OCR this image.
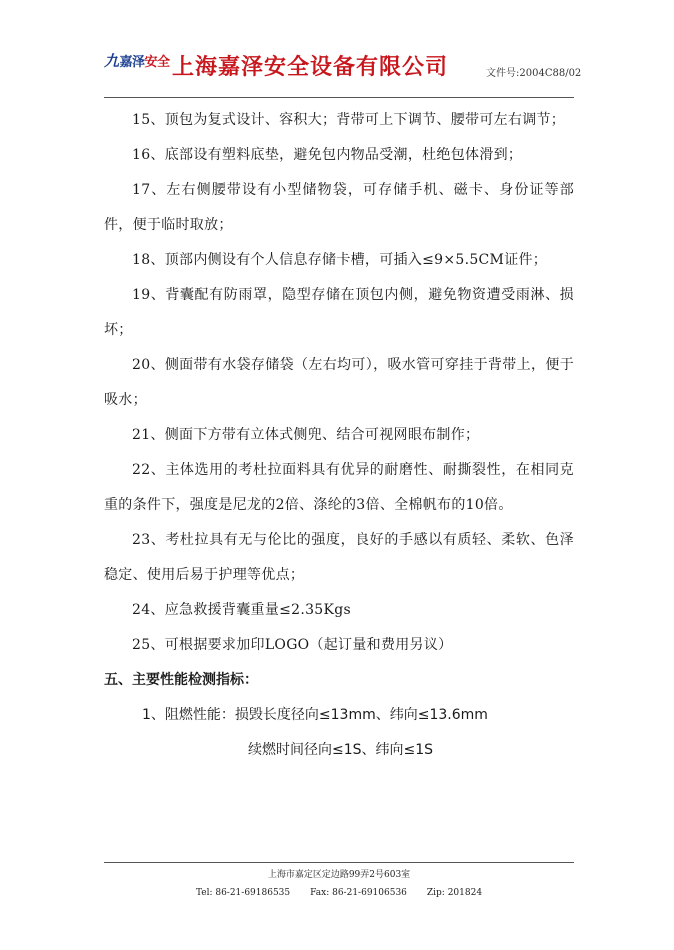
九嘉泽安全 上海嘉泽安全设备有限公司	文件号:2004C88/02

15、顶包为复式设计、容积大；背带可上下调节、腰带可左右调节；

16、底部设有塑料底垫，避免包内物品受潮，杜绝包体滑到；

17、左右侧腰带设有小型储物袋，可存储手机、磁卡、身份证等部件，便于临时取放；

18、顶部内侧设有个人信息存储卡槽，可插入≤9×5.5CM证件；

19、背囊配有防雨罩，隐型存储在顶包内侧，避免物资遭受雨淋、损坏；

20、侧面带有水袋存储袋（左右均可），吸水管可穿挂于背带上，便于吸水；

21、侧面下方带有立体式侧兜、结合可视网眼布制作；

22、主体选用的考杜拉面料具有优异的耐磨性、耐撕裂性，在相同克重的条件下，强度是尼龙的2倍、涤纶的3倍、全棉帆布的10倍。

23、考杜拉具有无与伦比的强度，良好的手感以有质轻、柔软、色泽稳定、使用后易于护理等优点；

24、应急救援背囊重量≤2.35Kgs

25、可根据要求加印LOGO（起订量和费用另议）

五、主要性能检测指标：

1、阻燃性能：损毁长度径向≤13mm、纬向≤13.6mm

续燃时间径向≤1S、纬向≤1S

上海市嘉定区定边路99弄2号603室
Tel: 86-21-69186535 Fax: 86-21-69106536 Zip: 201824
